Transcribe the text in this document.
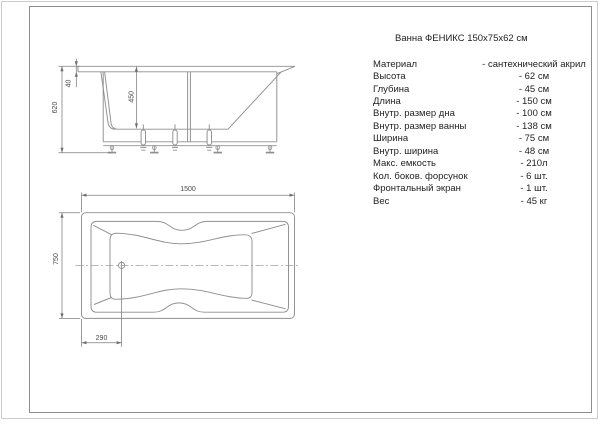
620
40
450
1500
750
290
Ванна ФЕНИКС 150x75x62 см
Материал	- сантехнический акрил
Высота	- 62 см
Глубина	- 45 см
Длина	- 150 см
Внутр. размер дна	- 100 см
Внутр. размер ванны	- 138 см
Ширина	- 75 см
Внутр. ширина	- 48 см
Макс. емкость	- 210л
Кол. боков. форсунок	- 6 шт.
Фронтальный экран	- 1 шт.
Вес	- 45 кг
